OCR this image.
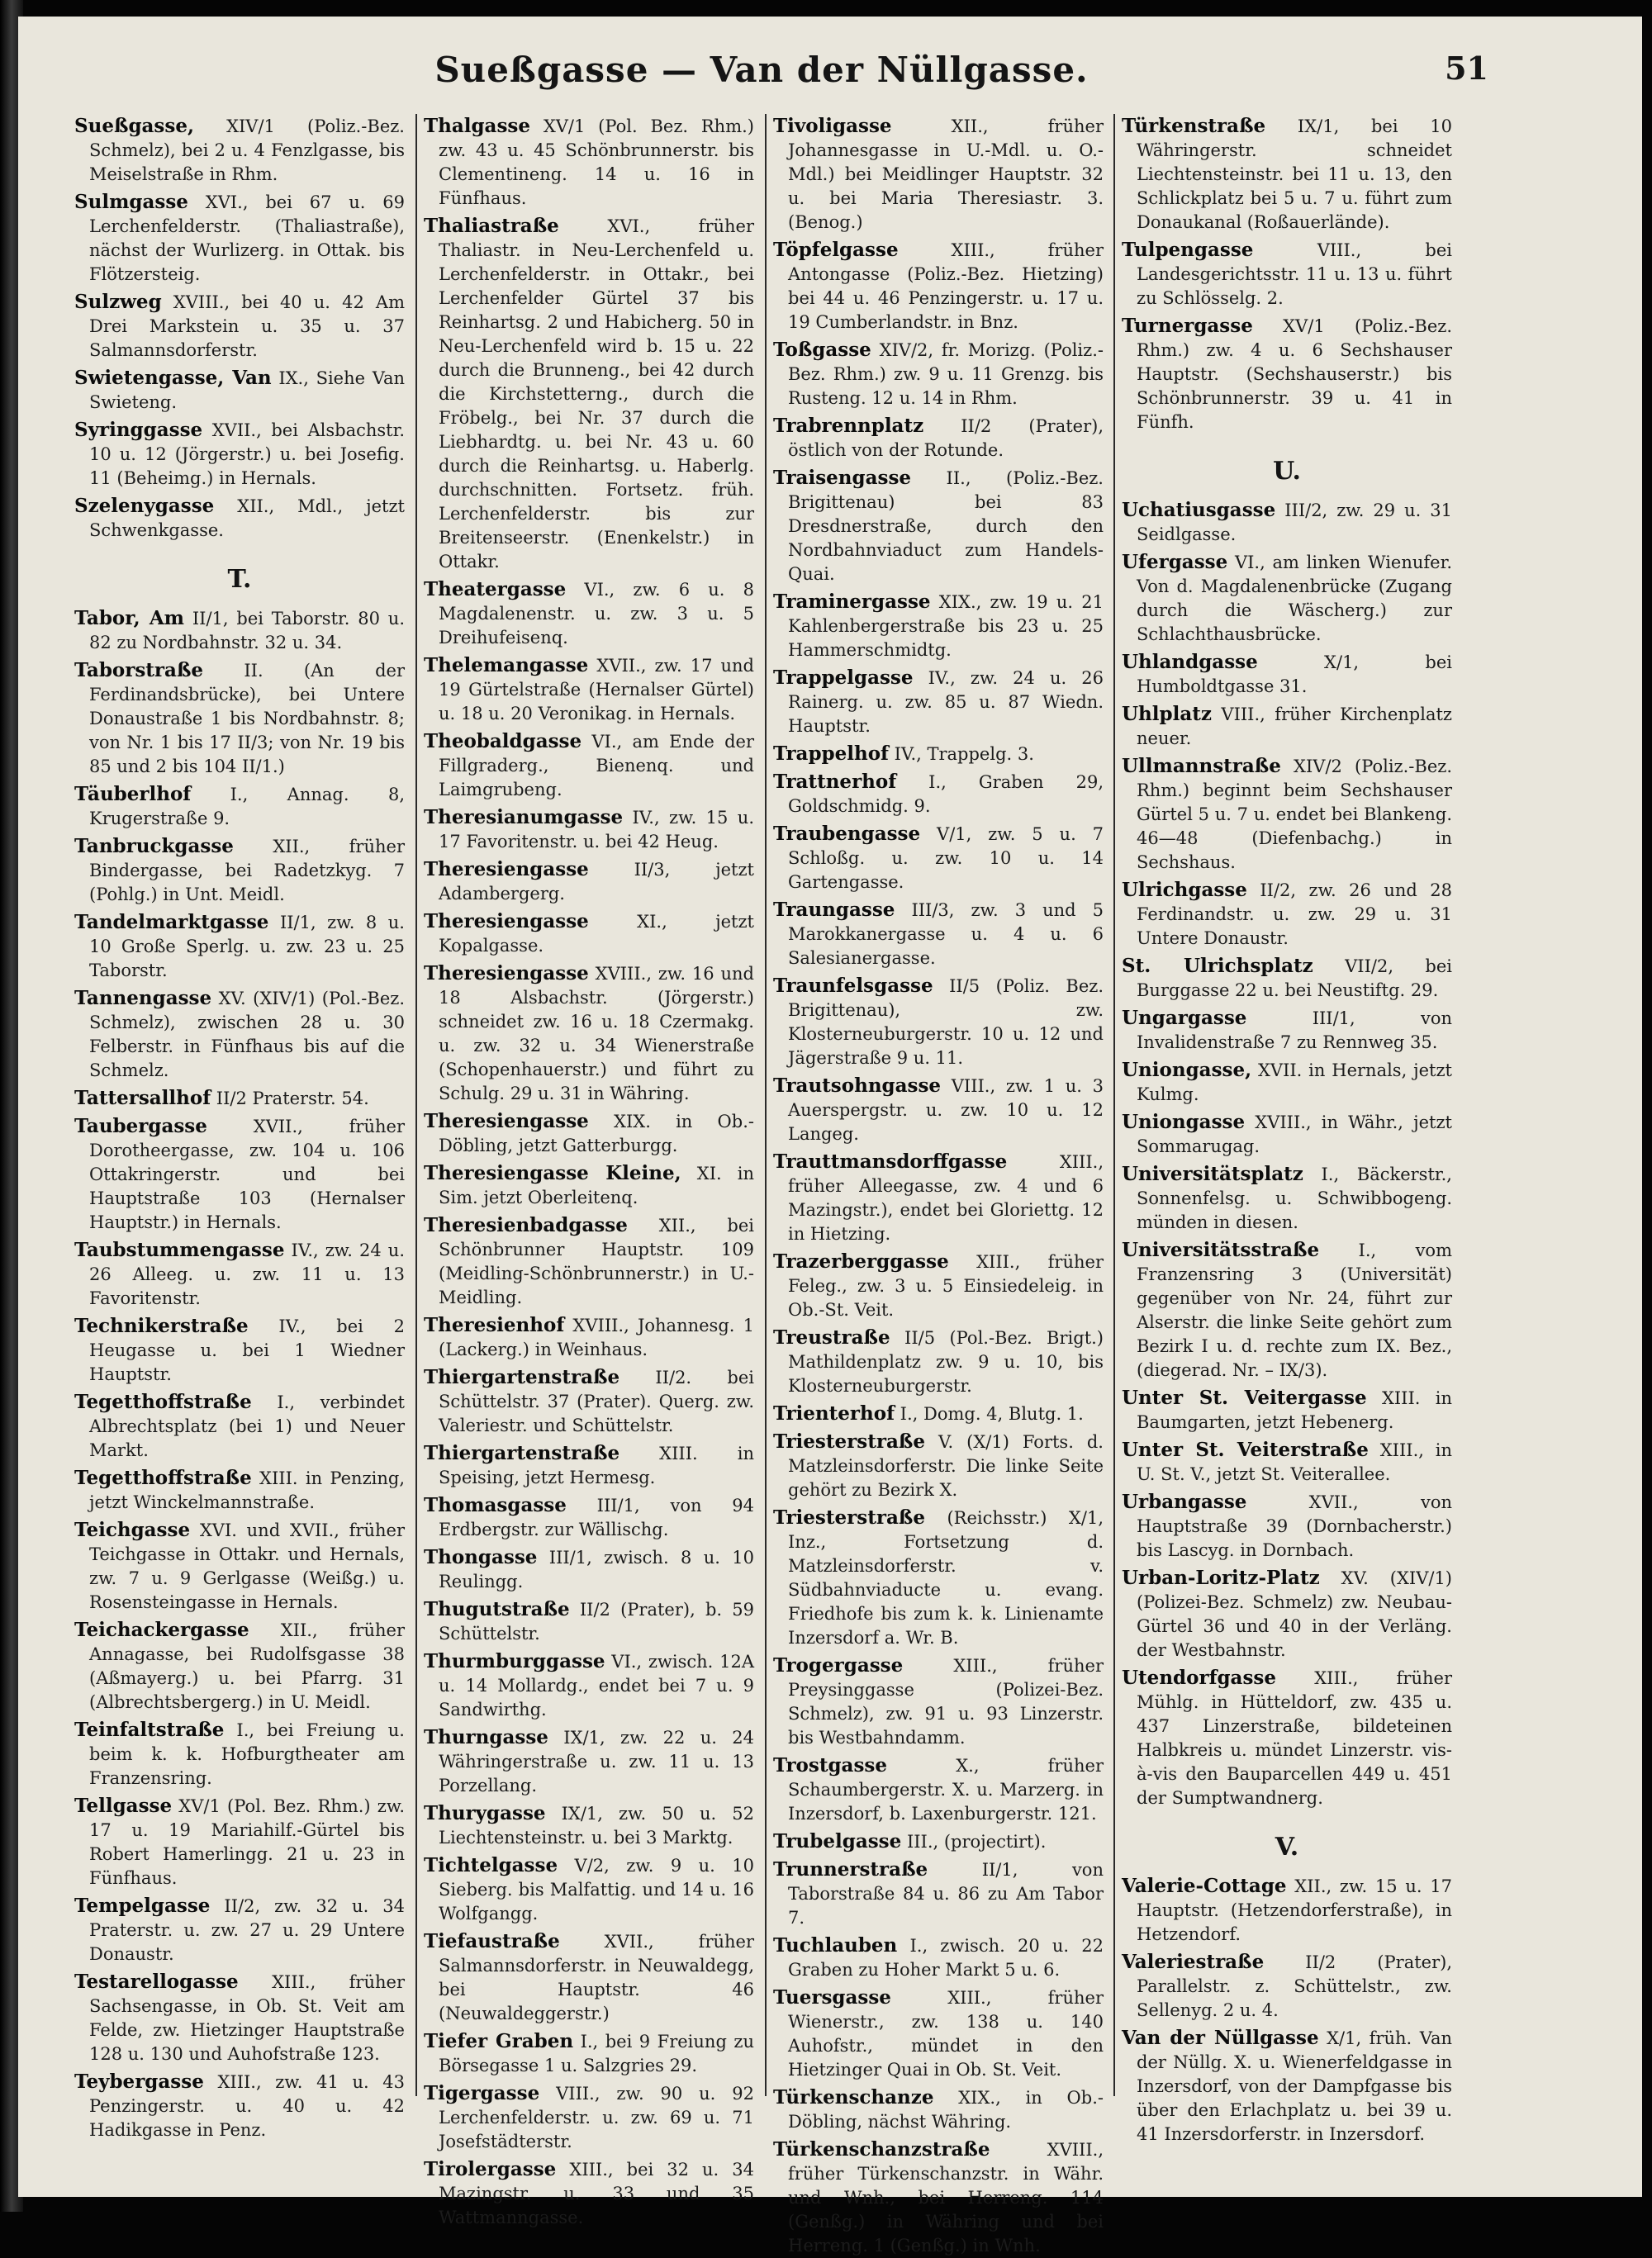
Sueßgasse — Van der Nüllgasse.	51
Sueßgasse, XIV/1 (Poliz.-Bez. Schmelz), bei 2 u. 4 Fenzlgasse, bis Meiselstraße in Rhm.
Sulmgasse XVI., bei 67 u. 69 Lerchenfelderstr. (Thaliastraße), nächst der Wurlizerg. in Ottak. bis Flötzersteig.
Sulzweg XVIII., bei 40 u. 42 Am Drei Markstein u. 35 u. 37 Salmannsdorferstr.
Swietengasse, Van IX., Siehe Van Swieteng.
Syringgasse XVII., bei Alsbachstr. 10 u. 12 (Jörgerstr.) u. bei Josefig. 11 (Beheimg.) in Hernals.
Szelenygasse XII., Mdl., jetzt Schwenkgasse.
T.
Tabor, Am II/1, bei Taborstr. 80 u. 82 zu Nordbahnstr. 32 u. 34.
Taborstraße II. (An der Ferdinandsbrücke), bei Untere Donaustraße 1 bis Nordbahnstr. 8; von Nr. 1 bis 17 II/3; von Nr. 19 bis 85 und 2 bis 104 II/1.)
Täuberlhof I., Annag. 8, Krugerstraße 9.
Tanbruckgasse XII., früher Bindergasse, bei Radetzkyg. 7 (Pohlg.) in Unt. Meidl.
Tandelmarktgasse II/1, zw. 8 u. 10 Große Sperlg. u. zw. 23 u. 25 Taborstr.
Tannengasse XV. (XIV/1) (Pol.-Bez. Schmelz), zwischen 28 u. 30 Felberstr. in Fünfhaus bis auf die Schmelz.
Tattersallhof II/2 Praterstr. 54.
Taubergasse	XVII., früher Dorotheergasse, zw. 104 u. 106 Ottakringerstr. und bei Hauptstraße 103 (Hernalser Hauptstr.) in Hernals.
Taubstummengasse IV., zw. 24 u. 26 Alleeg. u. zw. 11 u. 13 Favoritenstr.
Technikerstraße IV., bei 2 Heugasse u. bei 1 Wiedner Hauptstr.
Tegetthoffstraße I., verbindet Albrechtsplatz (bei 1) und Neuer Markt.
Tegetthoffstraße XIII. in Penzing, jetzt Winckelmannstraße.
Teichgasse XVI. und XVII., früher Teichgasse in Ottakr. und Hernals, zw. 7 u. 9 Gerlgasse (Weißg.) u. Rosensteingasse in Hernals.
Teichackergasse XII., früher Annagasse, bei Rudolfsgasse 38 (Aßmayerg.) u. bei Pfarrg. 31 (Albrechtsbergerg.) in U. Meidl.
Teinfaltstraße I., bei Freiung u. beim k. k. Hofburgtheater am Franzensring.
Tellgasse XV/1 (Pol. Bez. Rhm.) zw. 17 u. 19 Mariahilf.-Gürtel bis Robert Hamerlingg. 21 u. 23 in Fünfhaus.
Tempelgasse II/2, zw. 32 u. 34 Praterstr. u. zw. 27 u. 29 Untere Donaustr.
Testarellogasse XIII., früher Sachsengasse, in Ob. St. Veit am Felde, zw. Hietzinger Hauptstraße 128 u. 130 und Auhofstraße 123.
Teybergasse XIII., zw. 41 u. 43 Penzingerstr. u. 40 u. 42 Hadikgasse in Penz.
Thalgasse XV/1 (Pol. Bez. Rhm.) zw. 43 u. 45 Schönbrunnerstr. bis Clementineng. 14 u. 16 in Fünfhaus.
Thaliastraße	XVI., früher Thaliastr. in Neu-Lerchenfeld u. Lerchenfelderstr. in Ottakr., bei Lerchenfelder Gürtel 37 bis Reinhartsg. 2 und Habicherg. 50 in Neu-Lerchenfeld wird b. 15 u. 22 durch die Brunneng., bei 42 durch die Kirchstetterng., durch die Fröbelg., bei Nr. 37 durch die Liebhardtg. u. bei Nr. 43 u. 60 durch die Reinhartsg. u. Haberlg. durchschnitten. Fortsetz. früh. Lerchenfelderstr. bis zur Breitenseerstr. (Enenkelstr.) in Ottakr.
Theatergasse VI., zw. 6 u. 8 Magdalenenstr. u. zw. 3 u. 5 Dreihufeisenq.
Thelemangasse XVII., zw. 17 und 19 Gürtelstraße (Hernalser Gürtel) u. 18 u. 20 Veronikag. in Hernals.
Theobaldgasse VI., am Ende der Fillgraderg., Bienenq. und Laimgrubeng.
Theresianumgasse IV., zw. 15 u. 17 Favoritenstr. u. bei 42 Heug.
Theresiengasse	II/3, jetzt Adambergerg.
Theresiengasse	XI., jetzt Kopalgasse.
Theresiengasse XVIII., zw. 16 und 18 Alsbachstr. (Jörgerstr.) schneidet zw. 16 u. 18 Czermakg. u. zw. 32 u. 34 Wienerstraße (Schopenhauerstr.) und führt zu Schulg. 29 u. 31 in Währing.
Theresiengasse XIX. in Ob.-Döbling, jetzt Gatterburgg.
Theresiengasse Kleine, XI. in Sim. jetzt Oberleitenq.
Theresienbadgasse XII., bei Schönbrunner Hauptstr. 109 (Meidling-Schönbrunnerstr.) in U.-Meidling.
Theresienhof XVIII., Johannesg. 1 (Lackerg.) in Weinhaus.
Thiergartenstraße II/2. bei Schüttelstr. 37 (Prater). Querg. zw. Valeriestr. und Schüttelstr.
Thiergartenstraße XIII. in Speising, jetzt Hermesg.
Thomasgasse III/1, von 94 Erdbergstr. zur Wällischg.
Thongasse III/1, zwisch. 8 u. 10 Reulingg.
Thugutstraße II/2 (Prater), b. 59 Schüttelstr.
Thurmburggasse VI., zwisch. 12A u. 14 Mollardg., endet bei 7 u. 9 Sandwirthg.
Thurngasse IX/1, zw. 22 u. 24 Währingerstraße u. zw. 11 u. 13 Porzellang.
Thurygasse IX/1, zw. 50 u. 52 Liechtensteinstr. u. bei 3 Marktg.
Tichtelgasse V/2, zw. 9 u. 10 Sieberg. bis Malfattig. und 14 u. 16 Wolfgangg.
Tiefaustraße	XVII., früher Salmannsdorferstr. in Neuwaldegg, bei Hauptstr. 46 (Neuwaldeggerstr.)
Tiefer Graben I., bei 9 Freiung zu Börsegasse 1 u. Salzgries 29.
Tigergasse VIII., zw. 90 u. 92 Lerchenfelderstr. u. zw. 69 u. 71 Josefstädterstr.
Tirolergasse XIII., bei 32 u. 34 Mazingstr. u. 33 und 35 Wattmanngasse.
Tivoligasse	XII., früher Johannesgasse in U.-Mdl. u. O.-Mdl.) bei Meidlinger Hauptstr. 32 u. bei Maria Theresiastr. 3. (Benog.)
Töpfelgasse	XIII., früher Antongasse (Poliz.-Bez. Hietzing) bei 44 u. 46 Penzingerstr. u. 17 u. 19 Cumberlandstr. in Bnz.
Toßgasse XIV/2, fr. Morizg. (Poliz.-Bez. Rhm.) zw. 9 u. 11 Grenzg. bis Rusteng. 12 u. 14 in Rhm.
Trabrennplatz II/2 (Prater), östlich von der Rotunde.
Traisengasse II., (Poliz.-Bez. Brigittenau) bei 83 Dresdnerstraße, durch den Nordbahnviaduct zum Handels-Quai.
Traminergasse XIX., zw. 19 u. 21 Kahlenbergerstraße bis 23 u. 25 Hammerschmidtg.
Trappelgasse IV., zw. 24 u. 26 Rainerg. u. zw. 85 u. 87 Wiedn. Hauptstr.
Trappelhof IV., Trappelg. 3.
Trattnerhof I., Graben 29, Goldschmidg. 9.
Traubengasse V/1, zw. 5 u. 7 Schloßg. u. zw. 10 u. 14 Gartengasse.
Traungasse III/3, zw. 3 und 5 Marokkanergasse u. 4 u. 6 Salesianergasse.
Traunfelsgasse II/5 (Poliz. Bez. Brigittenau), zw. Klosterneuburgerstr. 10 u. 12 und Jägerstraße 9 u. 11.
Trautsohngasse VIII., zw. 1 u. 3 Auerspergstr. u. zw. 10 u. 12 Langeg.
Trauttmansdorffgasse	XIII., früher Alleegasse, zw. 4 und 6 Mazingstr.), endet bei Gloriettg. 12 in Hietzing.
Trazerberggasse XIII., früher Feleg., zw. 3 u. 5 Einsiedeleig. in Ob.-St. Veit.
Treustraße II/5 (Pol.-Bez. Brigt.) Mathildenplatz zw. 9 u. 10, bis Klosterneuburgerstr.
Trienterhof I., Domg. 4, Blutg. 1.
Triesterstraße V. (X/1) Forts. d. Matzleinsdorferstr. Die linke Seite gehört zu Bezirk X.
Triesterstraße (Reichsstr.) X/1, Inz., Fortsetzung d. Matzleinsdorferstr. v. Südbahnviaducte u. evang. Friedhofe bis zum k. k. Linienamte Inzersdorf a. Wr. B.
Trogergasse	XIII., früher Preysinggasse (Polizei-Bez. Schmelz), zw. 91 u. 93 Linzerstr. bis Westbahndamm.
Trostgasse	X., früher Schaumbergerstr. X. u. Marzerg. in Inzersdorf, b. Laxenburgerstr. 121.
Trubelgasse III., (projectirt).
Trunnerstraße	II/1, von Taborstraße 84 u. 86 zu Am Tabor 7.
Tuchlauben I., zwisch. 20 u. 22 Graben zu Hoher Markt 5 u. 6.
Tuersgasse	XIII., früher Wienerstr., zw. 138 u. 140 Auhofstr., mündet in den Hietzinger Quai in Ob. St. Veit.
Türkenschanze XIX., in Ob.-Döbling, nächst Währing.
Türkenschanzstraße	XVIII., früher Türkenschanzstr. in Währ. und Wnh., bei Herreng. 114 (Genßg.) in Währing und bei Herreng. 1 (Genßg.) in Wnh.
Türkenstraße IX/1, bei 10 Währingerstr. schneidet Liechtensteinstr. bei 11 u. 13, den Schlickplatz bei 5 u. 7 u. führt zum Donaukanal (Roßauerlände).
Tulpengasse	VIII., bei Landesgerichtsstr. 11 u. 13 u. führt zu Schlösselg. 2.
Turnergasse XV/1 (Poliz.-Bez. Rhm.) zw. 4 u. 6 Sechshauser Hauptstr. (Sechshauserstr.) bis Schönbrunnerstr. 39 u. 41 in Fünfh.
U.
Uchatiusgasse III/2, zw. 29 u. 31 Seidlgasse.
Ufergasse VI., am linken Wienufer. Von d. Magdalenenbrücke (Zugang durch die Wäscherg.) zur Schlachthausbrücke.
Uhlandgasse	X/1, bei Humboldtgasse 31.
Uhlplatz VIII., früher Kirchenplatz neuer.
Ullmannstraße XIV/2 (Poliz.-Bez. Rhm.) beginnt beim Sechshauser Gürtel 5 u. 7 u. endet bei Blankeng. 46—48 (Diefenbachg.) in Sechshaus.
Ulrichgasse II/2, zw. 26 und 28 Ferdinandstr. u. zw. 29 u. 31 Untere Donaustr.
St. Ulrichsplatz VII/2, bei Burggasse 22 u. bei Neustiftg. 29.
Ungargasse	III/1, von Invalidenstraße 7 zu Rennweg 35.
Uniongasse, XVII. in Hernals, jetzt Kulmg.
Uniongasse XVIII., in Währ., jetzt Sommarugag.
Universitätsplatz I., Bäckerstr., Sonnenfelsg. u. Schwibbogeng. münden in diesen.
Universitätsstraße I., vom Franzensring 3 (Universität) gegenüber von Nr. 24, führt zur Alserstr. die linke Seite gehört zum Bezirk I u. d. rechte zum IX. Bez., (diegerad. Nr. – IX/3).
Unter St. Veitergasse XIII. in Baumgarten, jetzt Hebenerg.
Unter St. Veiterstraße XIII., in U. St. V., jetzt St. Veiterallee.
Urbangasse	XVII., von Hauptstraße 39 (Dornbacherstr.) bis Lascyg. in Dornbach.
Urban-Loritz-Platz XV. (XIV/1) (Polizei-Bez. Schmelz) zw. Neubau-Gürtel 36 und 40 in der Verläng. der Westbahnstr.
Utendorfgasse XIII., früher Mühlg. in Hütteldorf, zw. 435 u. 437 Linzerstraße, bildeteinen Halbkreis u. mündet Linzerstr. vis-à-vis den Bauparcellen 449 u. 451 der Sumptwandnerg.
V.
Valerie-Cottage XII., zw. 15 u. 17 Hauptstr. (Hetzendorferstraße), in Hetzendorf.
Valeriestraße II/2 (Prater), Parallelstr. z. Schüttelstr., zw. Sellenyg. 2 u. 4.
Van der Nüllgasse X/1, früh. Van der Nüllg. X. u. Wienerfeldgasse in Inzersdorf, von der Dampfgasse bis über den Erlachplatz u. bei 39 u. 41 Inzersdorferstr. in Inzersdorf.
